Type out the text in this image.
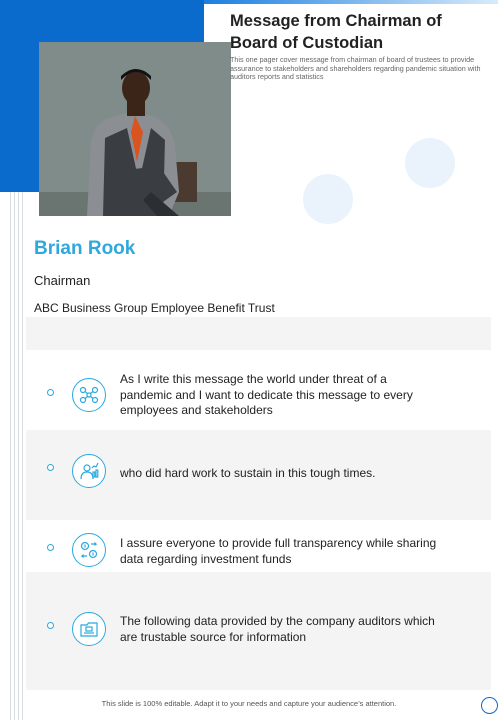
Message from Chairman of Board of Custodian
This one pager cover message from chairman of board of trustees to provide assurance to stakeholders and shareholders regarding pandemic situation with auditors reports and statistics
Brian Rook
Chairman
ABC Business Group Employee Benefit Trust
As I write this message the world under threat of a pandemic and I want to dedicate this message to every employees and stakeholders
who did hard work to sustain in this tough times.
I assure everyone to provide full transparency while sharing data regarding investment funds
The following data provided by the company auditors which are trustable source for information
This slide is 100% editable. Adapt it to your needs and capture your audience’s attention.
